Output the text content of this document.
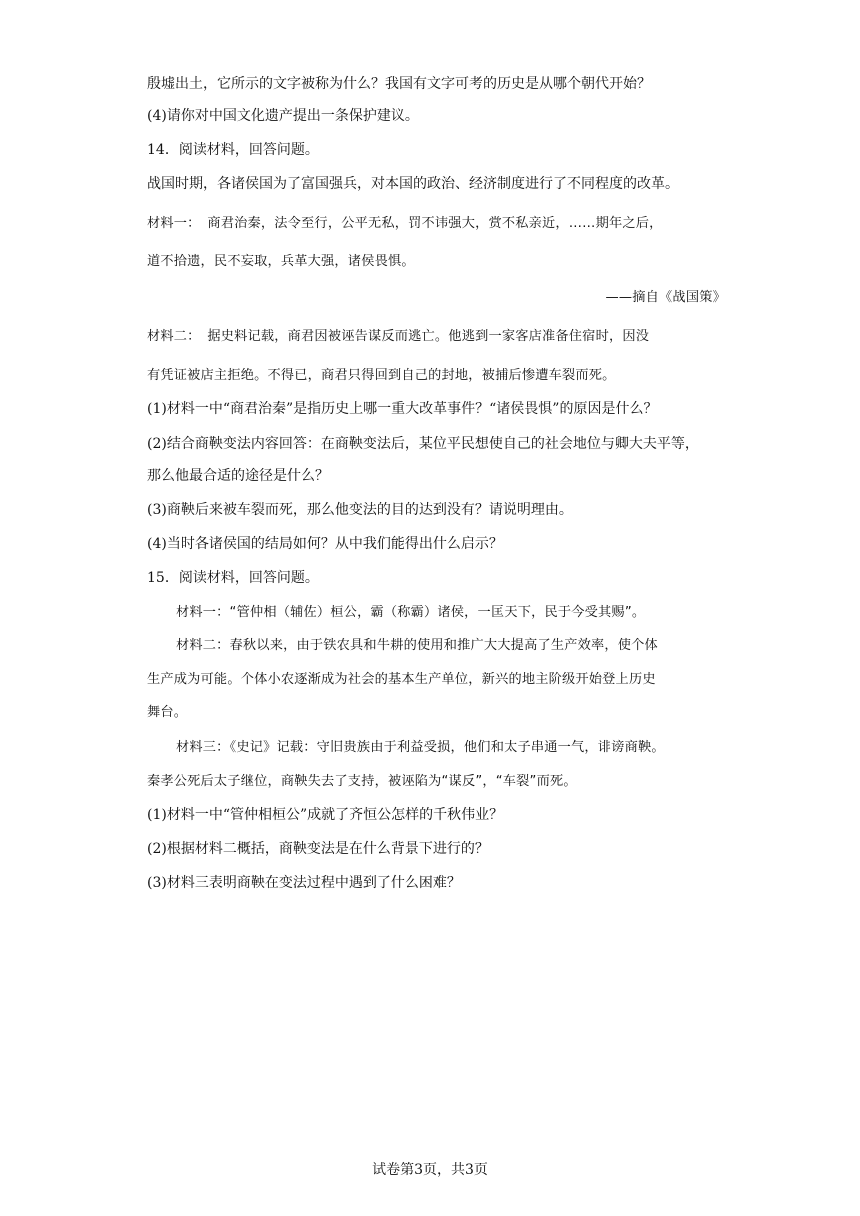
殷墟出土，它所示的文字被称为什么？我国有文字可考的历史是从哪个朝代开始？
(4)请你对中国文化遗产提出一条保护建议。
14．阅读材料，回答问题。
战国时期，各诸侯国为了富国强兵，对本国的政治、经济制度进行了不同程度的改革。
材料一：　商君治秦，法令至行，公平无私，罚不讳强大，赏不私亲近，……期年之后，
道不拾遗，民不妄取，兵革大强，诸侯畏惧。
——摘自《战国策》
材料二：　据史料记载，商君因被诬告谋反而逃亡。他逃到一家客店准备住宿时，因没
有凭证被店主拒绝。不得已，商君只得回到自己的封地，被捕后惨遭车裂而死。
(1)材料一中“商君治秦”是指历史上哪一重大改革事件？“诸侯畏惧”的原因是什么？
(2)结合商鞅变法内容回答：在商鞅变法后，某位平民想使自己的社会地位与卿大夫平等，
那么他最合适的途径是什么？
(3)商鞅后来被车裂而死，那么他变法的目的达到没有？请说明理由。
(4)当时各诸侯国的结局如何？从中我们能得出什么启示？
15．阅读材料，回答问题。
材料一：“管仲相（辅佐）桓公，霸（称霸）诸侯，一匡天下，民于今受其赐”。
材料二：春秋以来，由于铁农具和牛耕的使用和推广大大提高了生产效率，使个体
生产成为可能。个体小农逐渐成为社会的基本生产单位，新兴的地主阶级开始登上历史
舞台。
材料三：《史记》记载：守旧贵族由于利益受损，他们和太子串通一气，诽谤商鞅。
秦孝公死后太子继位，商鞅失去了支持，被诬陷为“谋反”，“车裂”而死。
(1)材料一中“管仲相桓公”成就了齐恒公怎样的千秋伟业？
(2)根据材料二概括，商鞅变法是在什么背景下进行的？
(3)材料三表明商鞅在变法过程中遇到了什么困难？
试卷第3页，共3页
